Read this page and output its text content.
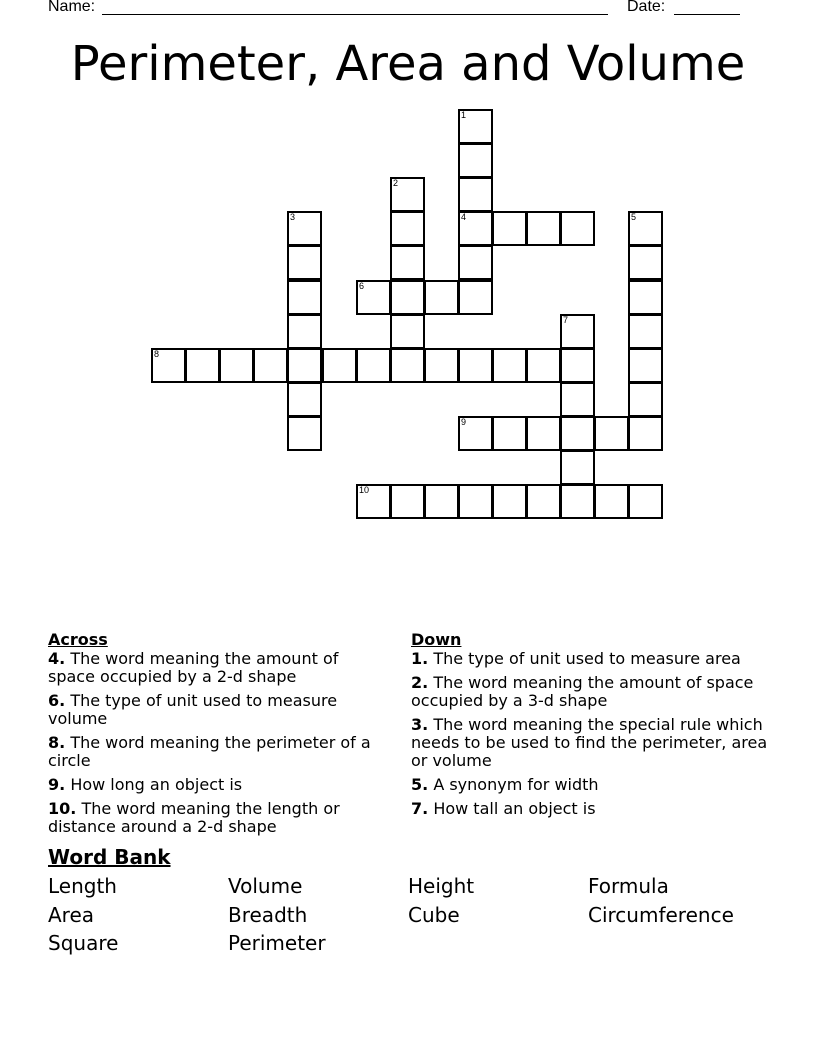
Name:	Date:
Perimeter, Area and Volume
1
4
2
3	5
6
7
8
9
10
Across
4. The word meaning the amount of space occupied by a 2-d shape
6. The type of unit used to measure volume
8. The word meaning the perimeter of a circle
9. How long an object is
10. The word meaning the length or distance around a 2-d shape
Down
1. The type of unit used to measure area
2. The word meaning the amount of space occupied by a 3-d shape
3. The word meaning the special rule which needs to be used to find the perimeter, area or volume
5. A synonym for width
7. How tall an object is
Word Bank
Length	Volume	Height	Formula
Area	Breadth	Cube	Circumference
Square	Perimeter
